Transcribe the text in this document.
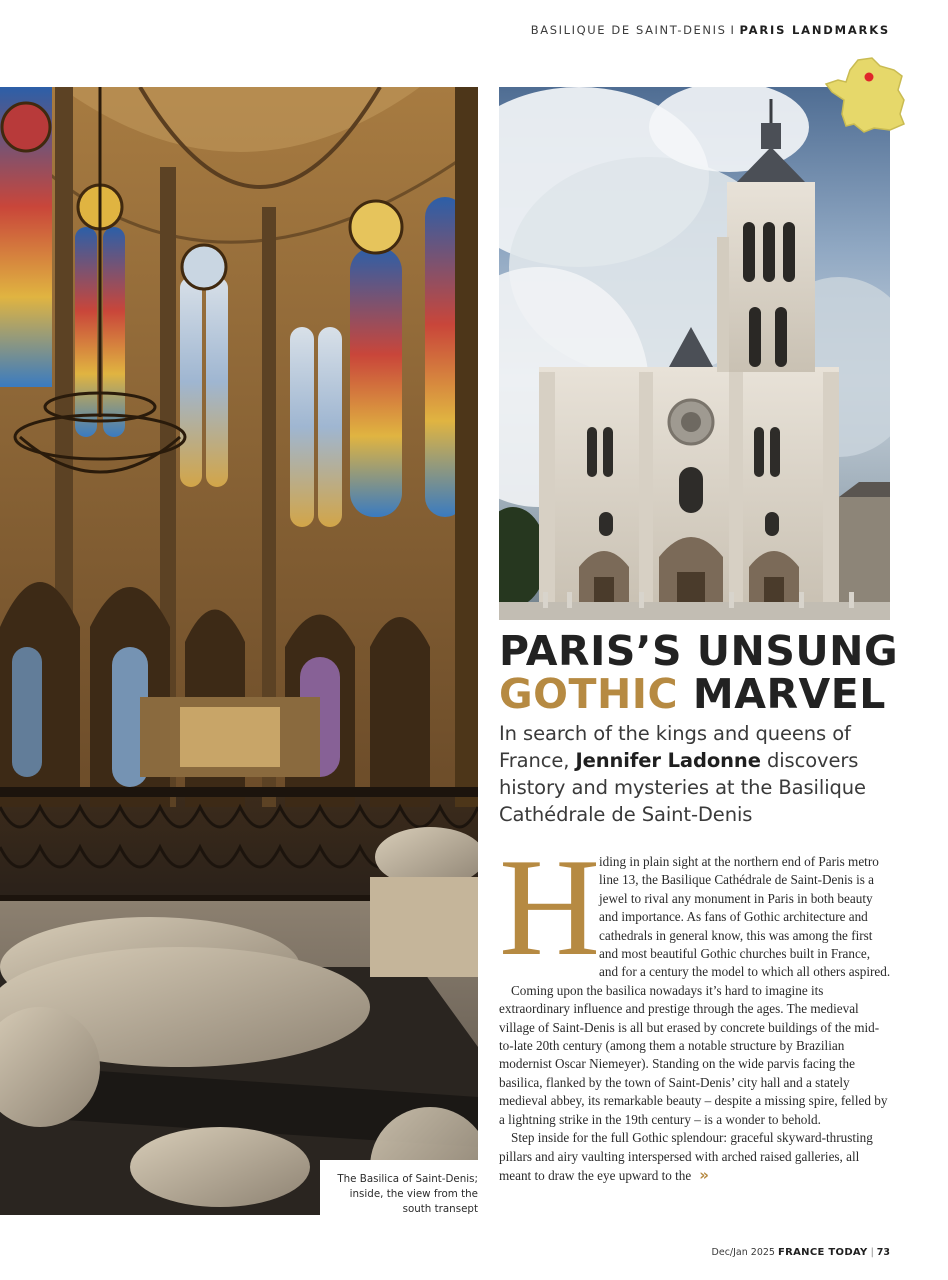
BASILIQUE DE SAINT-DENIS I PARIS LANDMARKS
The Basilica of Saint-Denis;
inside, the view from the
south transept
PARIS’S UNSUNG
GOTHIC MARVEL
In search of the kings and queens of France, Jennifer Ladonne discovers history and mysteries at the Basilique Cathédrale de Saint-Denis

H
iding in plain sight at the northern end of Paris metro line 13, the Basilique Cathédrale de Saint-Denis is a jewel to rival any monument in Paris in both beauty and importance. As fans of Gothic architecture and cathedrals in general know, this was among the first and most beautiful Gothic churches built in France, and for a century the model to which all others aspired.

Coming upon the basilica nowadays it’s hard to imagine its extraordinary influence and prestige through the ages. The medieval village of Saint-Denis is all but erased by concrete buildings of the mid-to-late 20th century (among them a notable structure by Brazilian modernist Oscar Niemeyer). Standing on the wide parvis facing the basilica, flanked by the town of Saint-Denis’ city hall and a stately medieval abbey, its remarkable beauty – despite a missing spire, felled by a lightning strike in the 19th century – is a wonder to behold.

Step inside for the full Gothic splendour: graceful skyward-thrusting pillars and airy vaulting interspersed with arched raised galleries, all meant to draw the eye upward to the »

Dec/Jan 2025 FRANCE TODAY | 73
